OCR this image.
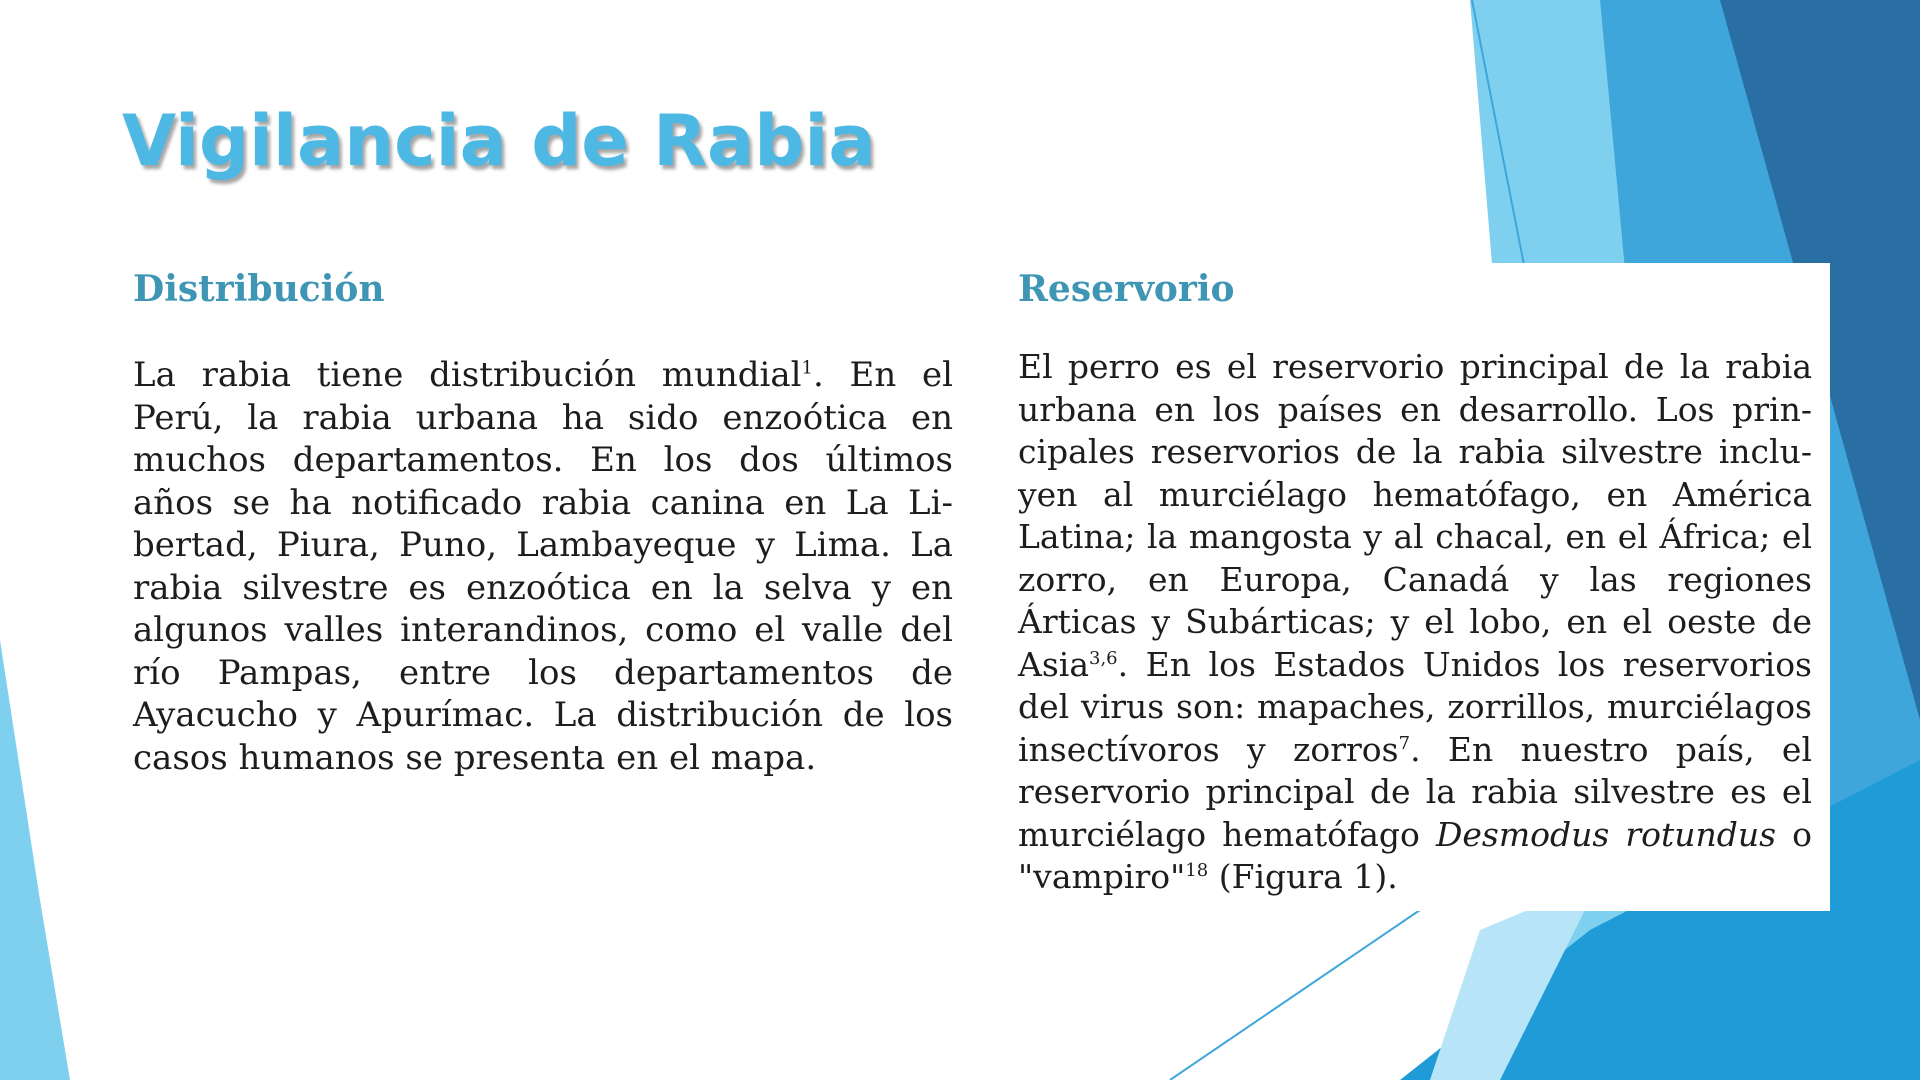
Vigilancia de Rabia
Distribución

La rabia tiene distribución mundial$^1$. En el Perú, la rabia urbana ha sido enzoótica en muchos departamentos. En los dos últimos años se ha notificado rabia canina en La Libertad, Piura, Puno, Lambayeque y Lima. La rabia silvestre es enzoótica en la selva y en algunos valles interandinos, como el valle del río Pampas, entre los departamentos de Ayacucho y Apurímac. La distribución de los casos humanos se presenta en el mapa.

Reservorio

El perro es el reservorio principal de la rabia urbana en los países en desarrollo. Los principales reservorios de la rabia silvestre incluyen al murciélago hematófago, en América Latina; la mangosta y al chacal, en el África; el zorro, en Europa, Canadá y las regiones Árticas y Subárticas; y el lobo, en el oeste de Asia$^{3,6}$. En los Estados Unidos los reservorios del virus son: mapaches, zorrillos, murciélagos insectívoros y zorros$^7$. En nuestro país, el reservorio principal de la rabia silvestre es el murciélago hematófago Desmodus rotundus o "vampiro"$^{18}$ (Figura 1).
